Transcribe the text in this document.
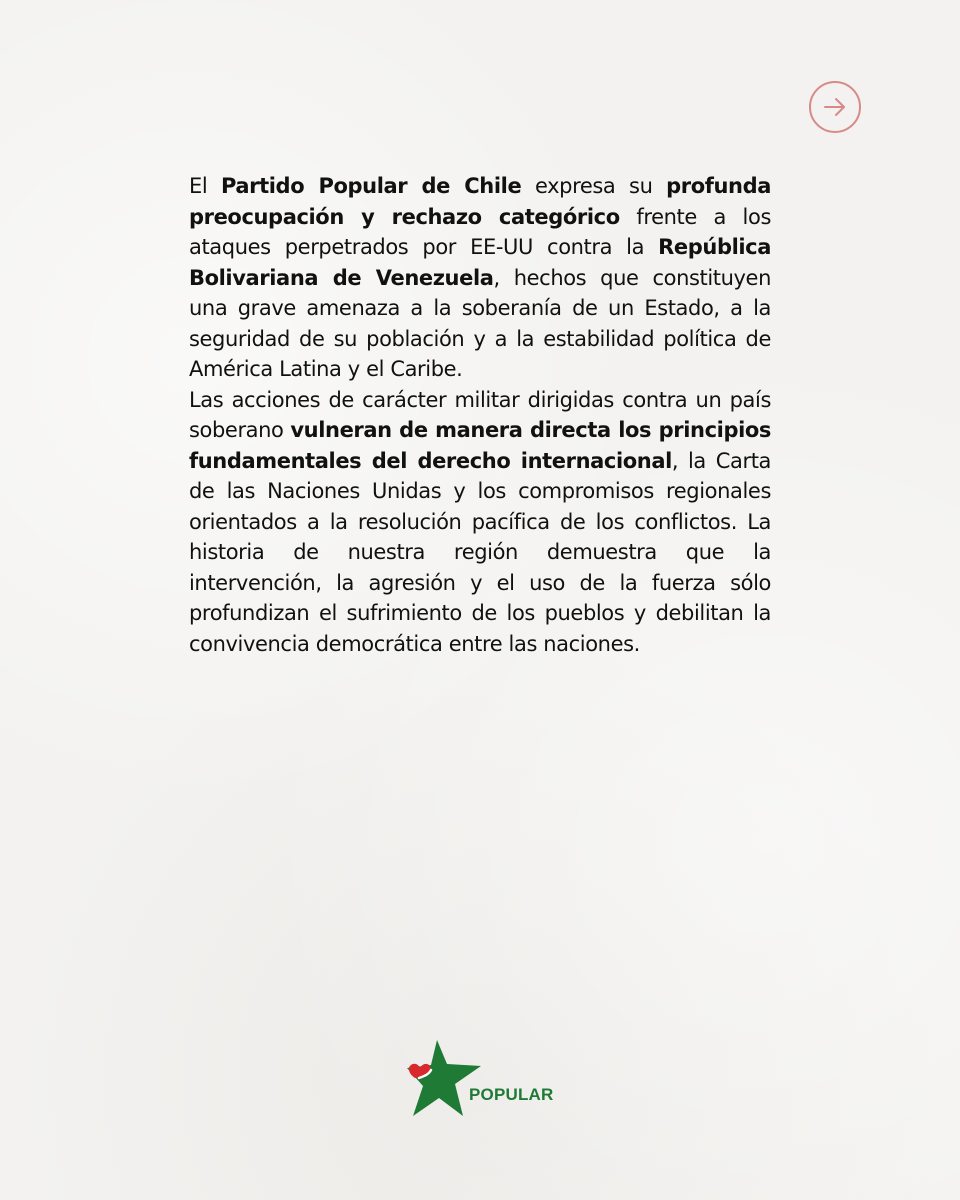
El Partido Popular de Chile expresa su profunda preocupación y rechazo categórico frente a los ataques perpetrados por EE-UU contra la República Bolivariana de Venezuela, hechos que constituyen una grave amenaza a la soberanía de un Estado, a la seguridad de su población y a la estabilidad política de América Latina y el Caribe.

Las acciones de carácter militar dirigidas contra un país soberano vulneran de manera directa los principios fundamentales del derecho internacional, la Carta de las Naciones Unidas y los compromisos regionales orientados a la resolución pacífica de los conflictos. La historia de nuestra región demuestra que la intervención, la agresión y el uso de la fuerza sólo profundizan el sufrimiento de los pueblos y debilitan la convivencia democrática entre las naciones.

POPULAR
